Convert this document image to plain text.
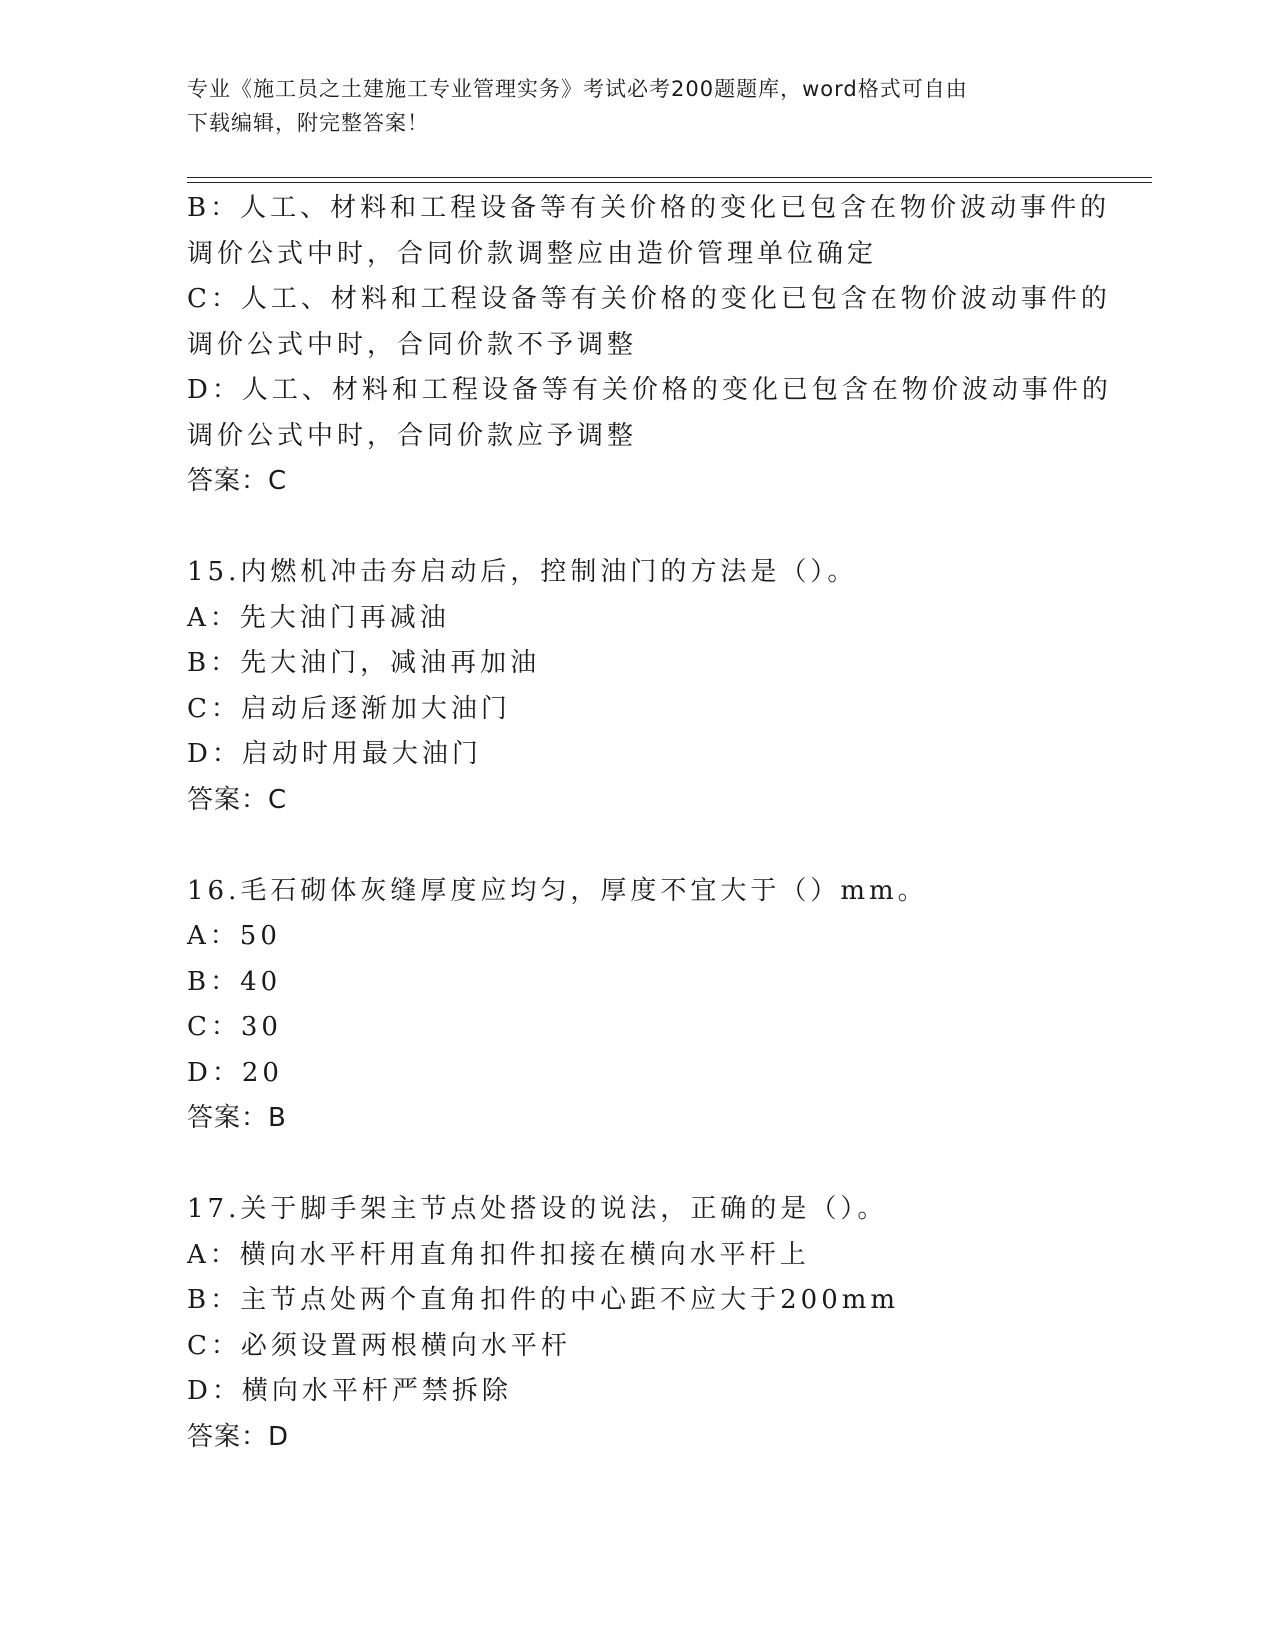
专业《施工员之土建施工专业管理实务》考试必考200题题库，word格式可自由
下载编辑，附完整答案！
B：人工、材料和工程设备等有关价格的变化已包含在物价波动事件的
调价公式中时，合同价款调整应由造价管理单位确定
C：人工、材料和工程设备等有关价格的变化已包含在物价波动事件的
调价公式中时，合同价款不予调整
D：人工、材料和工程设备等有关价格的变化已包含在物价波动事件的
调价公式中时，合同价款应予调整
答案：C
15.内燃机冲击夯启动后，控制油门的方法是（）。
A：先大油门再减油
B：先大油门，减油再加油
C：启动后逐渐加大油门
D：启动时用最大油门
答案：C
16.毛石砌体灰缝厚度应均匀，厚度不宜大于（）mm。
A：50
B：40
C：30
D：20
答案：B
17.关于脚手架主节点处搭设的说法，正确的是（）。
A：横向水平杆用直角扣件扣接在横向水平杆上
B：主节点处两个直角扣件的中心距不应大于200mm
C：必须设置两根横向水平杆
D：横向水平杆严禁拆除
答案：D
